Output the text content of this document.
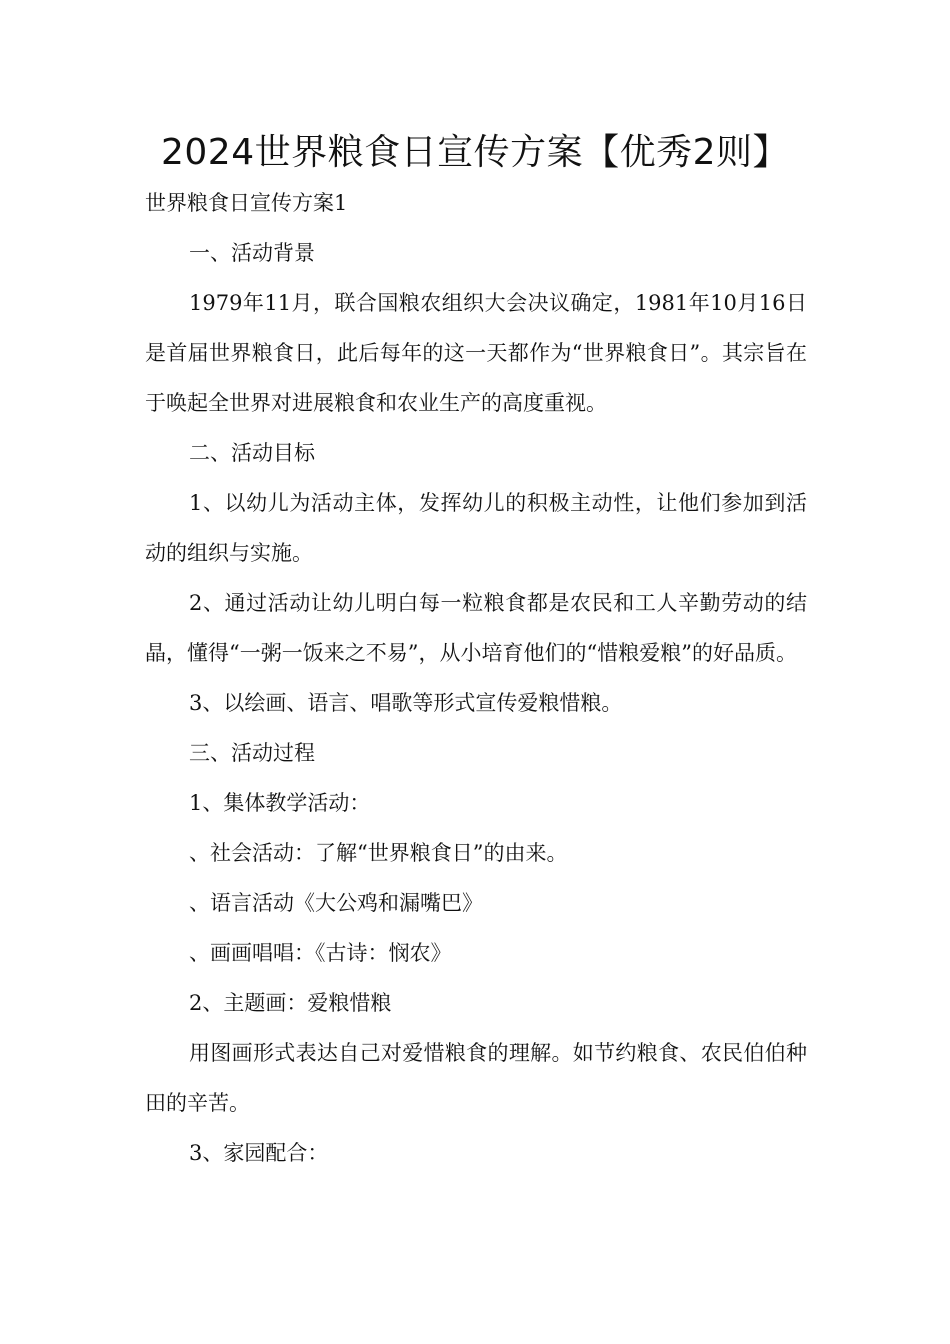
2024世界粮食日宣传方案【优秀2则】

世界粮食日宣传方案1

一、活动背景

1979年11月，联合国粮农组织大会决议确定，1981年10月16日是首届世界粮食日，此后每年的这一天都作为“世界粮食日”。其宗旨在于唤起全世界对进展粮食和农业生产的高度重视。

二、活动目标

1、以幼儿为活动主体，发挥幼儿的积极主动性，让他们参加到活动的组织与实施。

2、通过活动让幼儿明白每一粒粮食都是农民和工人辛勤劳动的结晶，懂得“一粥一饭来之不易”，从小培育他们的“惜粮爱粮”的好品质。

3、以绘画、语言、唱歌等形式宣传爱粮惜粮。

三、活动过程

1、集体教学活动：

、社会活动：了解“世界粮食日”的由来。

、语言活动《大公鸡和漏嘴巴》

、画画唱唱：《古诗：悯农》

2、主题画：爱粮惜粮

用图画形式表达自己对爱惜粮食的理解。如节约粮食、农民伯伯种田的辛苦。

3、家园配合：
